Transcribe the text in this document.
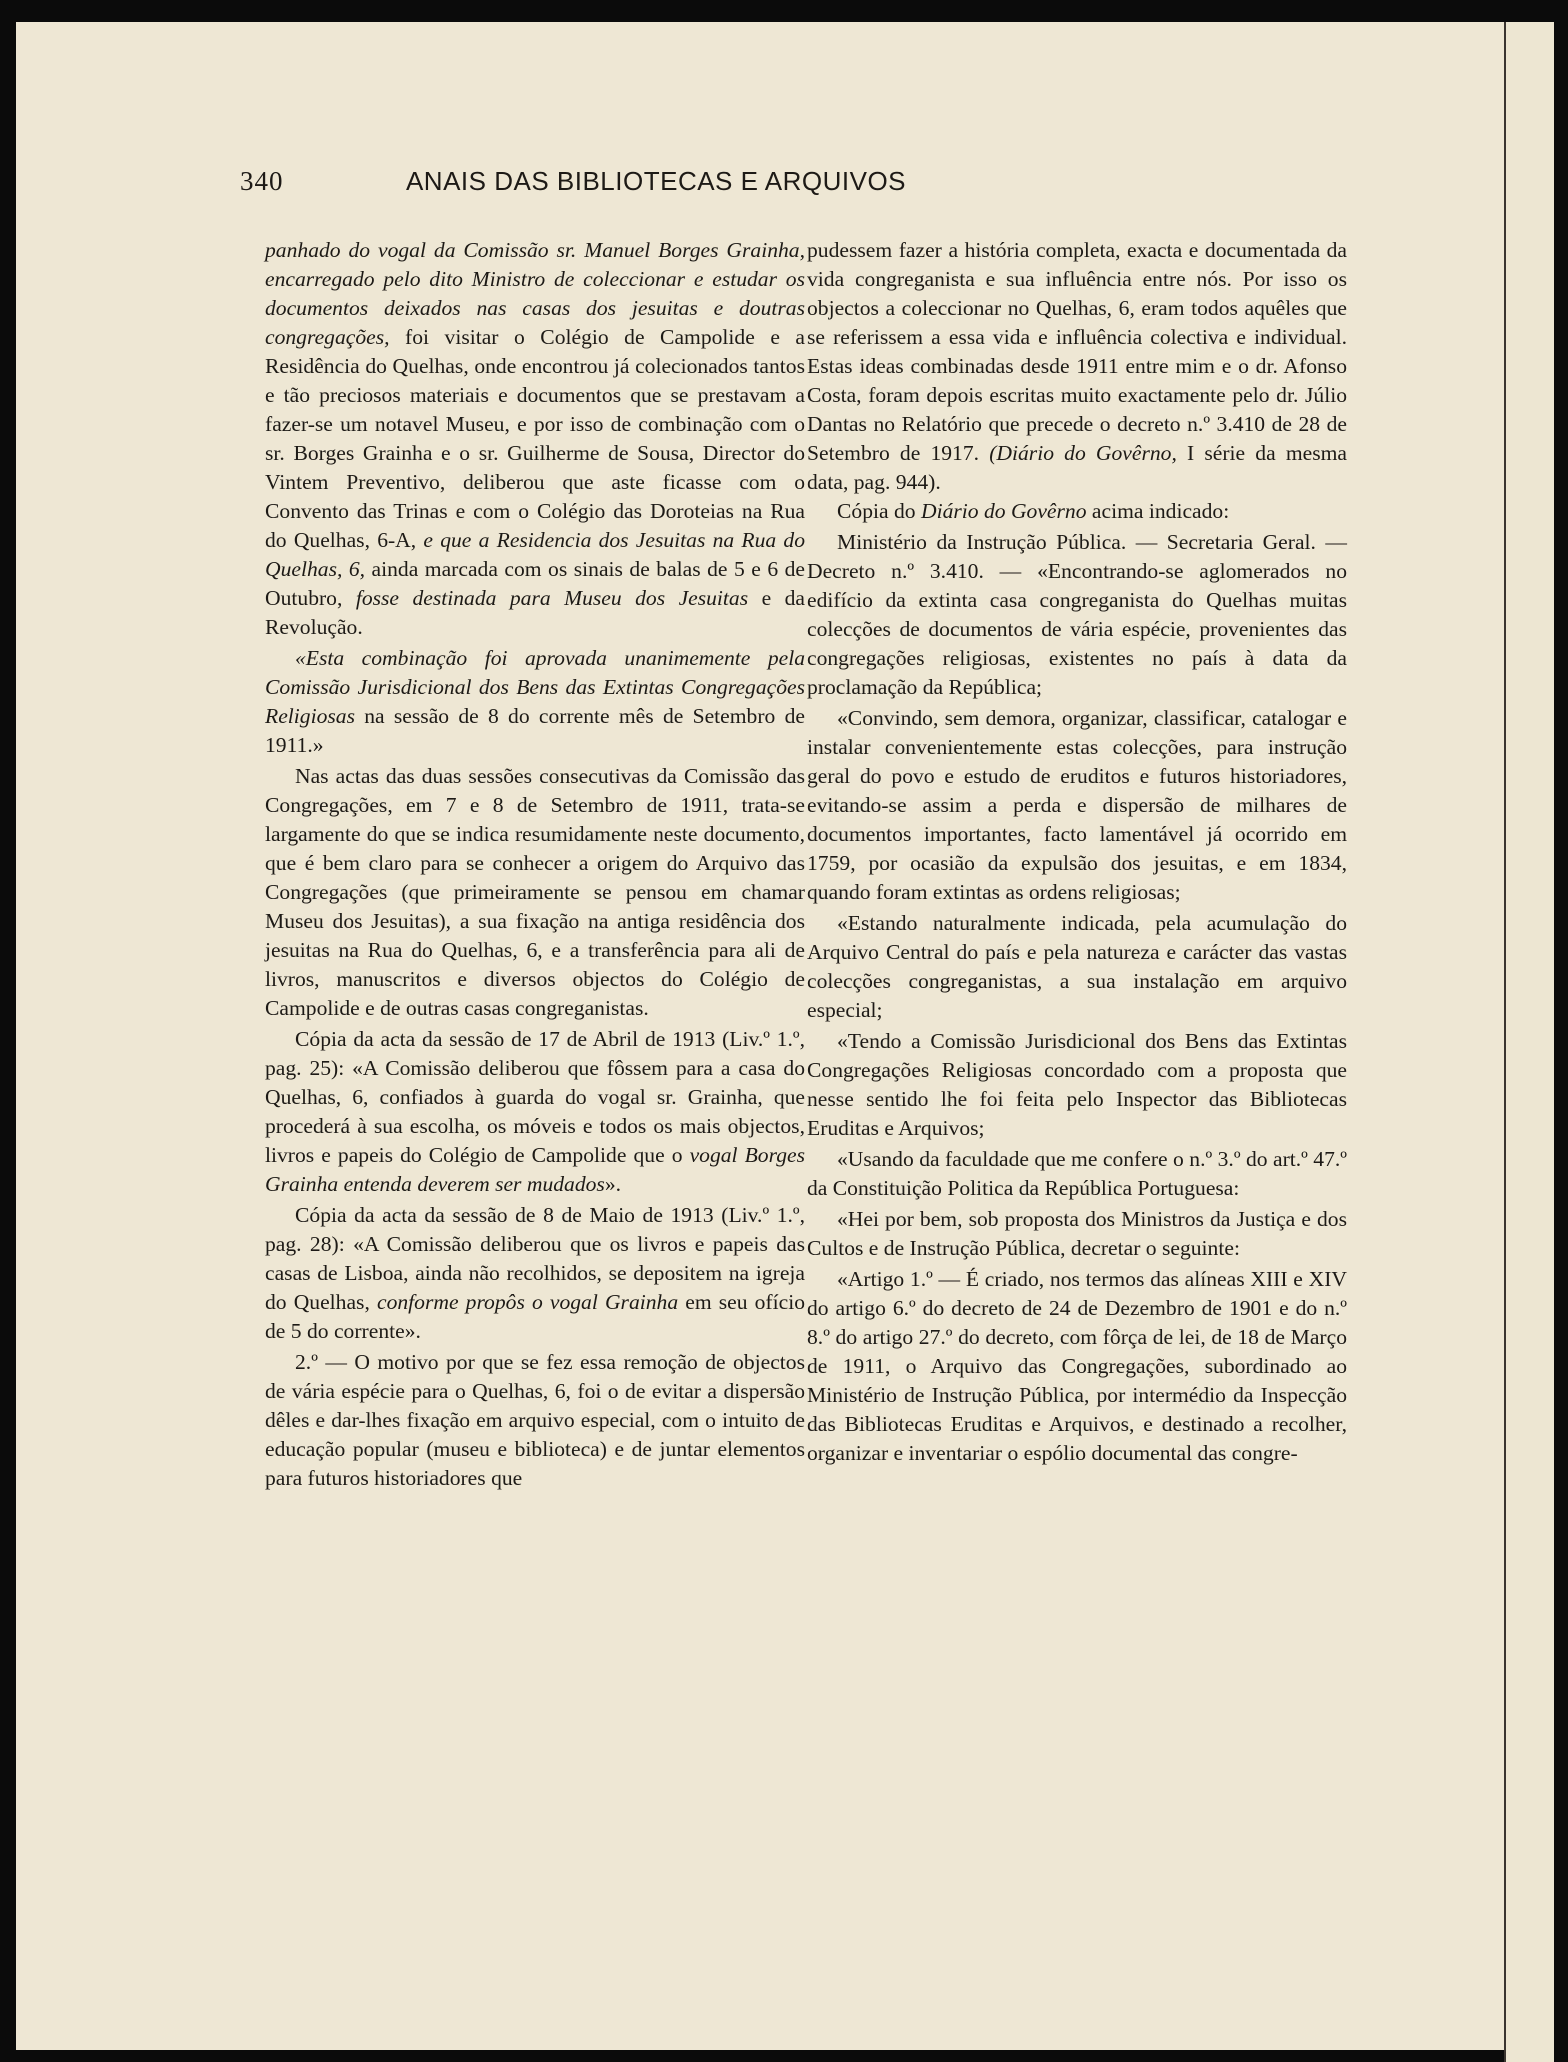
340	ANAIS DAS BIBLIOTECAS E ARQUIVOS

panhado do vogal da Comissão sr. Manuel Borges Grainha, encarregado pelo dito Ministro de coleccionar e estudar os documentos deixados nas casas dos jesuitas e doutras congregações, foi visitar o Colégio de Campolide e a Residência do Quelhas, onde encontrou já colecionados tantos e tão preciosos materiais e documentos que se prestavam a fazer-se um notavel Museu, e por isso de combinação com o sr. Borges Grainha e o sr. Guilherme de Sousa, Director do Vintem Preventivo, deliberou que aste ficasse com o Convento das Trinas e com o Colégio das Doroteias na Rua do Quelhas, 6-A, e que a Residencia dos Jesuitas na Rua do Quelhas, 6, ainda marcada com os sinais de balas de 5 e 6 de Outubro, fosse destinada para Museu dos Jesuitas e da Revolução.

«Esta combinação foi aprovada unanimemente pela Comissão Jurisdicional dos Bens das Extintas Congregações Religiosas na sessão de 8 do corrente mês de Setembro de 1911.»

Nas actas das duas sessões consecutivas da Comissão das Congregações, em 7 e 8 de Setembro de 1911, trata-se largamente do que se indica resumidamente neste documento, que é bem claro para se conhecer a origem do Arquivo das Congregações (que primeiramente se pensou em chamar Museu dos Jesuitas), a sua fixação na antiga residência dos jesuitas na Rua do Quelhas, 6, e a transferência para ali de livros, manuscritos e diversos objectos do Colégio de Campolide e de outras casas congreganistas.

Cópia da acta da sessão de 17 de Abril de 1913 (Liv.º 1.º, pag. 25): «A Comissão deliberou que fôssem para a casa do Quelhas, 6, confiados à guarda do vogal sr. Grainha, que procederá à sua escolha, os móveis e todos os mais objectos, livros e papeis do Colégio de Campolide que o vogal Borges Grainha entenda deverem ser mudados».

Cópia da acta da sessão de 8 de Maio de 1913 (Liv.º 1.º, pag. 28): «A Comissão deliberou que os livros e papeis das casas de Lisboa, ainda não recolhidos, se depositem na igreja do Quelhas, conforme propôs o vogal Grainha em seu ofício de 5 do corrente».

2.º — O motivo por que se fez essa remoção de objectos de vária espécie para o Quelhas, 6, foi o de evitar a dispersão dêles e dar-lhes fixação em arquivo especial, com o intuito de educação popular (museu e biblioteca) e de juntar elementos para futuros historiadores que

pudessem fazer a história completa, exacta e documentada da vida congreganista e sua influência entre nós. Por isso os objectos a coleccionar no Quelhas, 6, eram todos aquêles que se referissem a essa vida e influência colectiva e individual. Estas ideas combinadas desde 1911 entre mim e o dr. Afonso Costa, foram depois escritas muito exactamente pelo dr. Júlio Dantas no Relatório que precede o decreto n.º 3.410 de 28 de Setembro de 1917. (Diário do Govêrno, I série da mesma data, pag. 944).

Cópia do Diário do Govêrno acima indicado:

Ministério da Instrução Pública. — Secretaria Geral. — Decreto n.º 3.410. — «Encontrando-se aglomerados no edifício da extinta casa congreganista do Quelhas muitas colecções de documentos de vária espécie, provenientes das congregações religiosas, existentes no país à data da proclamação da República;

«Convindo, sem demora, organizar, classificar, catalogar e instalar convenientemente estas colecções, para instrução geral do povo e estudo de eruditos e futuros historiadores, evitando-se assim a perda e dispersão de milhares de documentos importantes, facto lamentável já ocorrido em 1759, por ocasião da expulsão dos jesuitas, e em 1834, quando foram extintas as ordens religiosas;

«Estando naturalmente indicada, pela acumulação do Arquivo Central do país e pela natureza e carácter das vastas colecções congreganistas, a sua instalação em arquivo especial;

«Tendo a Comissão Jurisdicional dos Bens das Extintas Congregações Religiosas concordado com a proposta que nesse sentido lhe foi feita pelo Inspector das Bibliotecas Eruditas e Arquivos;

«Usando da faculdade que me confere o n.º 3.º do art.º 47.º da Constituição Politica da República Portuguesa:

«Hei por bem, sob proposta dos Ministros da Justiça e dos Cultos e de Instrução Pública, decretar o seguinte:

«Artigo 1.º — É criado, nos termos das alíneas XIII e XIV do artigo 6.º do decreto de 24 de Dezembro de 1901 e do n.º 8.º do artigo 27.º do decreto, com fôrça de lei, de 18 de Março de 1911, o Arquivo das Congregações, subordinado ao Ministério de Instrução Pública, por intermédio da Inspecção das Bibliotecas Eruditas e Arquivos, e destinado a recolher, organizar e inventariar o espólio documental das congre-
